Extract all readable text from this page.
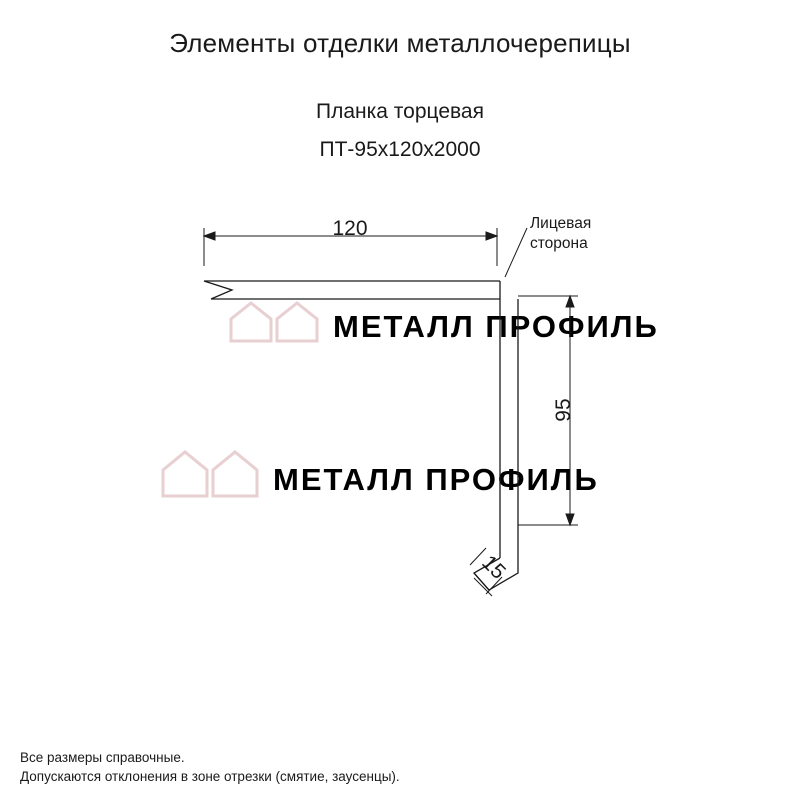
МЕТАЛЛ ПРОФИЛЬ
МЕТАЛЛ ПРОФИЛЬ
Элементы отделки металлочерепицы
Планка торцевая
ПТ-95х120х2000
120
95
15
Лицевая
сторона
Все размеры справочные.
Допускаются отклонения в зоне отрезки (смятие, заусенцы).
